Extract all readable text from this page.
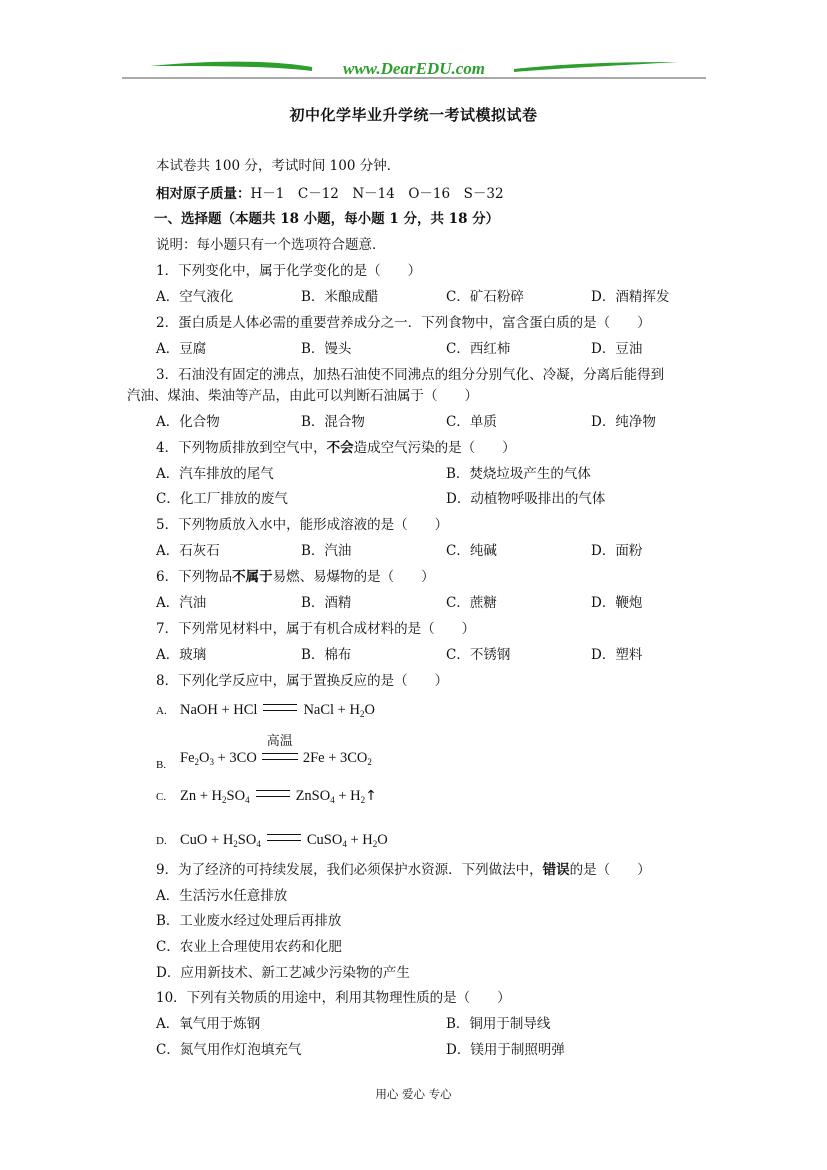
www.DearEDU.com
初中化学毕业升学统一考试模拟试卷
本试卷共 100 分，考试时间 100 分钟．
相对原子质量：H－1　C－12　N－14　O－16　S－32
一、选择题（本题共 18 小题，每小题 1 分，共 18 分）
说明：每小题只有一个选项符合题意．
1．下列变化中，属于化学变化的是（　　）
A．空气液化	B．米酿成醋	C．矿石粉碎	D．酒精挥发
2．蛋白质是人体必需的重要营养成分之一．下列食物中，富含蛋白质的是（　　）
A．豆腐	B．馒头	C．西红柿	D．豆油
3．石油没有固定的沸点，加热石油使不同沸点的组分分别气化、冷凝，分离后能得到
汽油、煤油、柴油等产品，由此可以判断石油属于（　　）
A．化合物	B．混合物	C．单质	D．纯净物
4．下列物质排放到空气中，不会造成空气污染的是（　　）
A．汽车排放的尾气	B．焚烧垃圾产生的气体
C．化工厂排放的废气	D．动植物呼吸排出的气体
5．下列物质放入水中，能形成溶液的是（　　）
A．石灰石	B．汽油	C．纯碱	D．面粉
6．下列物品不属于易燃、易爆物的是（　　）
A．汽油	B．酒精	C．蔗糖	D．鞭炮
7．下列常见材料中，属于有机合成材料的是（　　）
A．玻璃	B．棉布	C．不锈钢	D．塑料
8．下列化学反应中，属于置换反应的是（　　）
A. NaOH + HCl	NaCl + $H_2O$
B. $Fe_2O_3 + 3CO$
高温
$2Fe + 3CO_2$
C. $Zn + H_2SO_4$	ZnSO$_4$ + $H_2↑$
D. CuO + $H_2SO_4$	CuSO$_4$ + $H_2O$
9．为了经济的可持续发展，我们必须保护水资源．下列做法中，错误的是（　　）
A．生活污水任意排放
B．工业废水经过处理后再排放
C．农业上合理使用农药和化肥
D．应用新技术、新工艺减少污染物的产生
10．下列有关物质的用途中，利用其物理性质的是（　　）
A．氧气用于炼钢	B．铜用于制导线
C．氮气用作灯泡填充气	D．镁用于制照明弹
用心 爱心 专心
